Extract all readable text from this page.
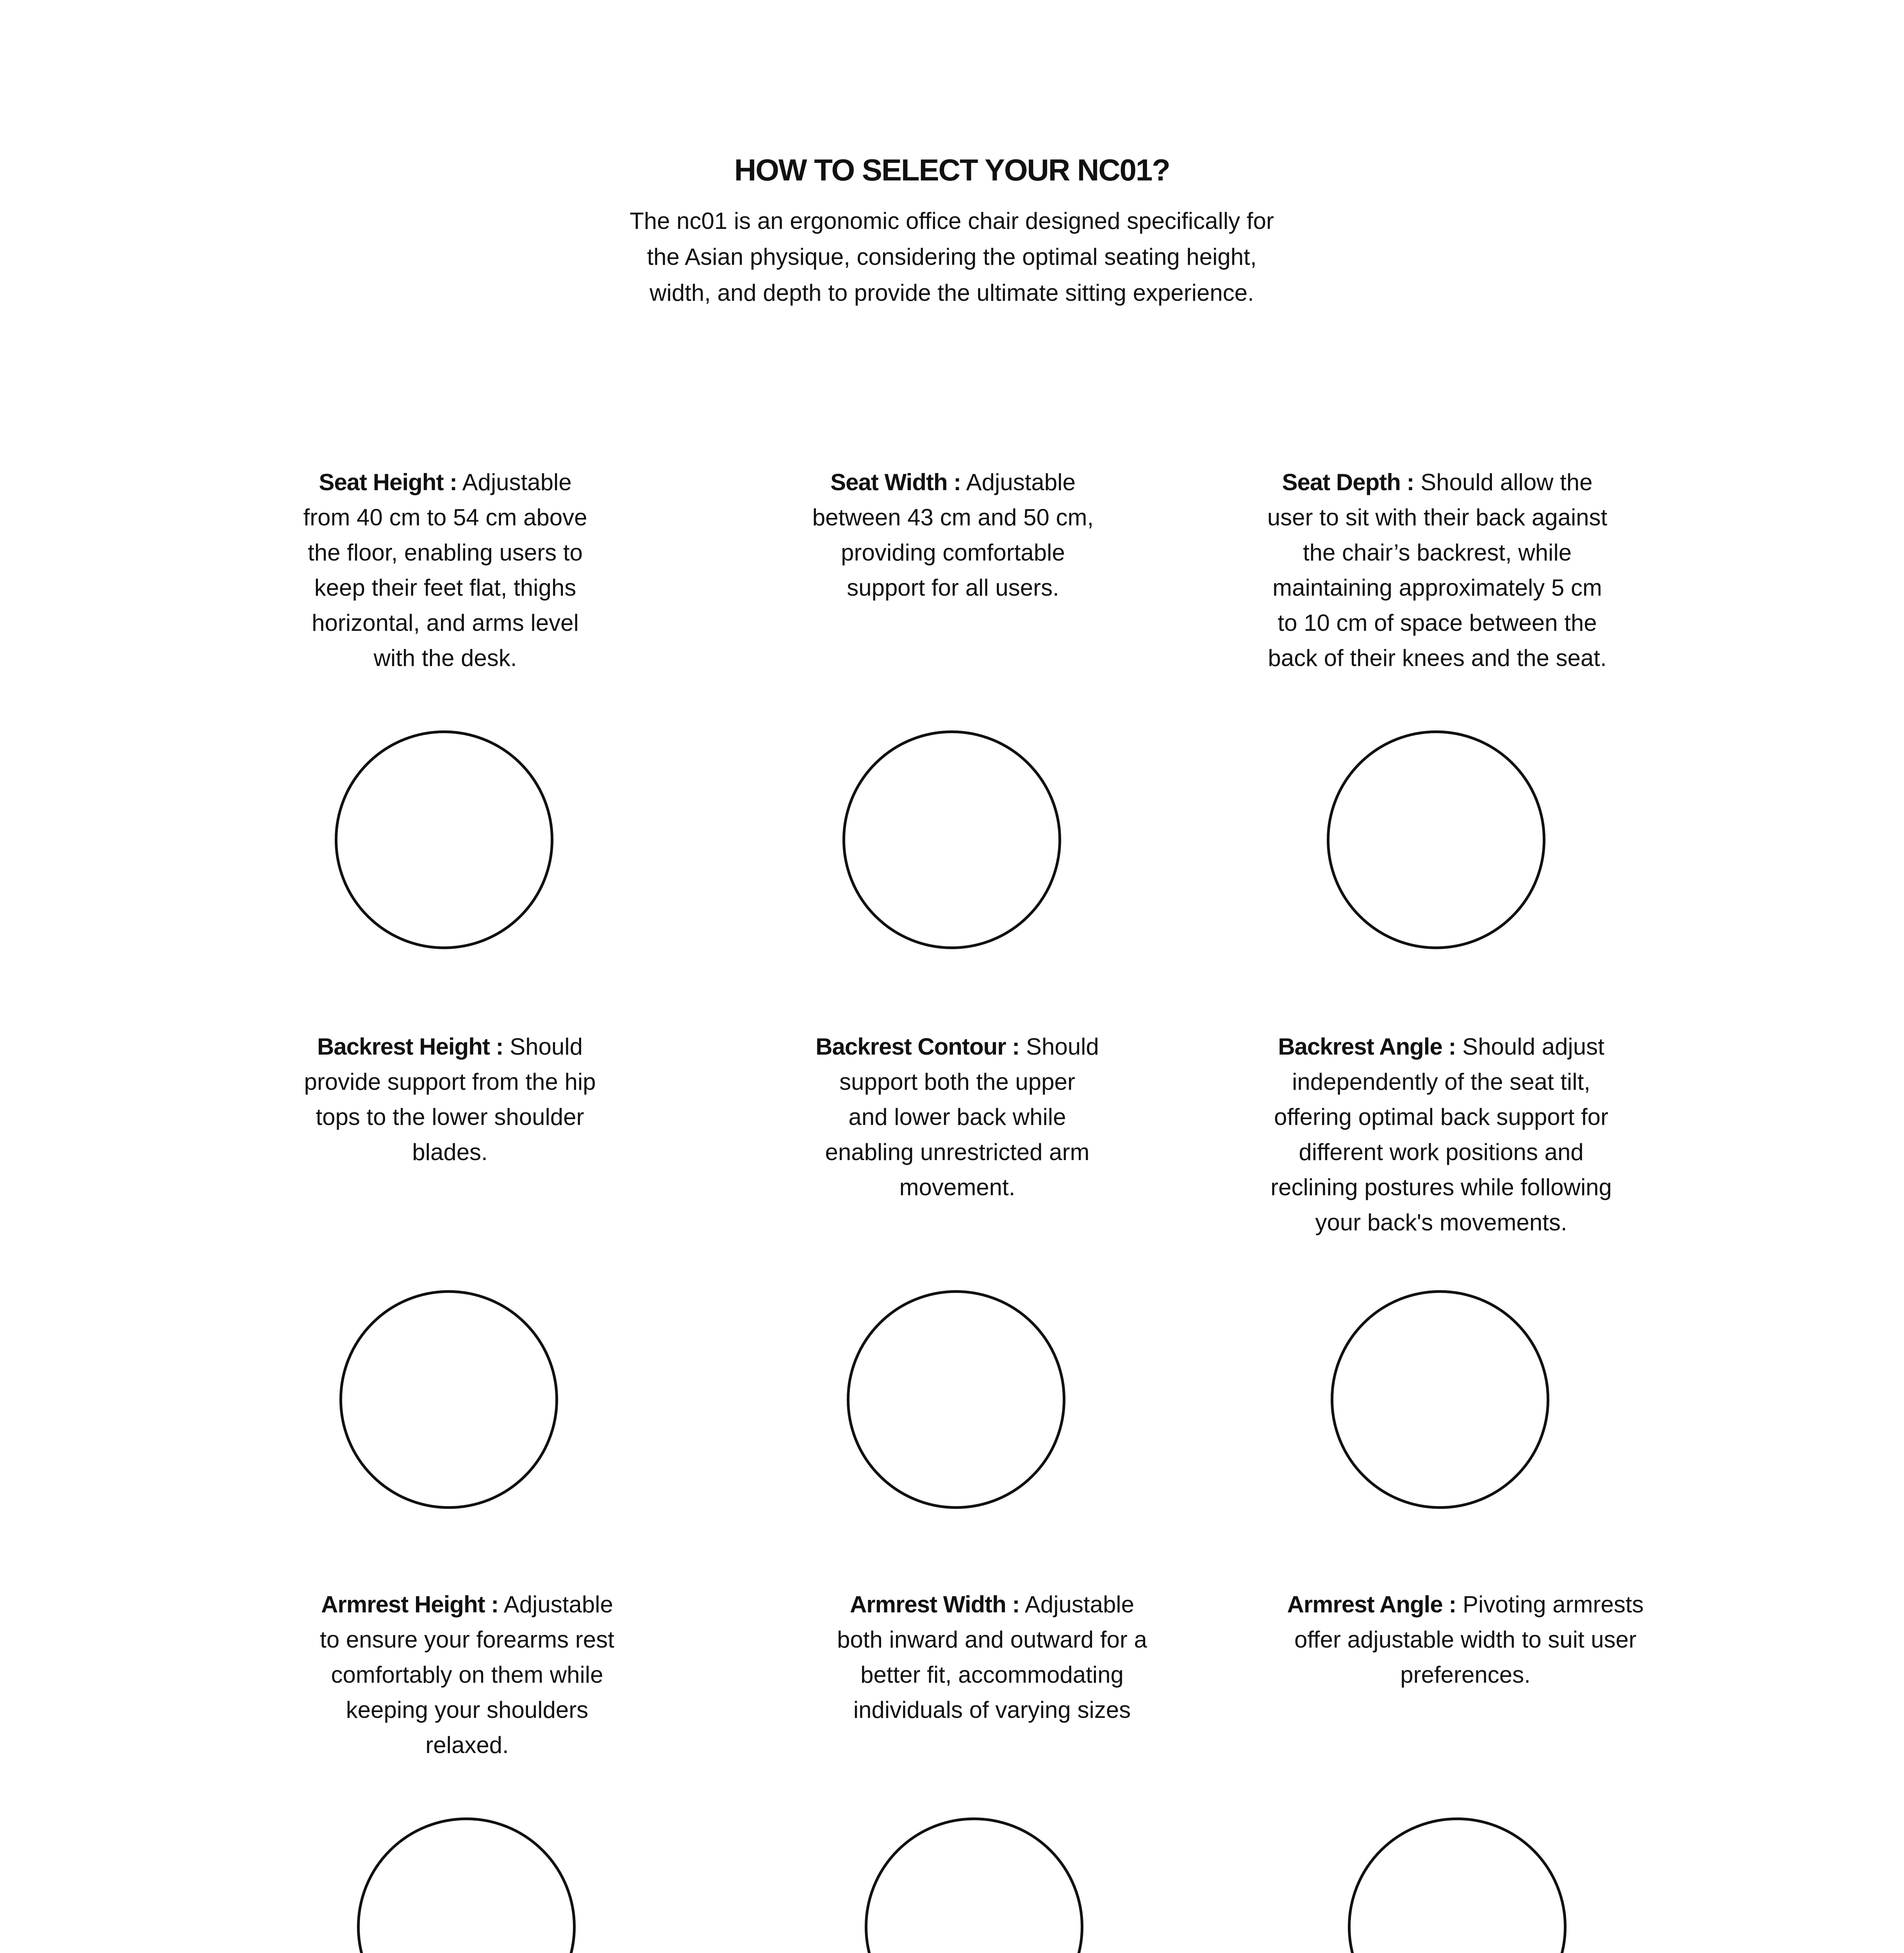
HOW TO SELECT YOUR NC01?
The nc01 is an ergonomic office chair designed specifically for
the Asian physique, considering the optimal seating height,
width, and depth to provide the ultimate sitting experience.
Seat Height : Adjustable
from 40 cm to 54 cm above
the floor, enabling users to
keep their feet flat, thighs
horizontal, and arms level
with the desk.
Seat Width : Adjustable
between 43 cm and 50 cm,
providing comfortable
support for all users.
Seat Depth : Should allow the
user to sit with their back against
the chair’s backrest, while
maintaining approximately 5 cm
to 10 cm of space between the
back of their knees and the seat.
Backrest Height : Should
provide support from the hip
tops to the lower shoulder
blades.
Backrest Contour : Should
support both the upper
and lower back while
enabling unrestricted arm
movement.
Backrest Angle : Should adjust
independently of the seat tilt,
offering optimal back support for
different work positions and
reclining postures while following
your back's movements.
Armrest Height : Adjustable
to ensure your forearms rest
comfortably on them while
keeping your shoulders
relaxed.
Armrest Width : Adjustable
both inward and outward for a
better fit, accommodating
individuals of varying sizes
Armrest Angle : Pivoting armrests
offer adjustable width to suit user
preferences.
